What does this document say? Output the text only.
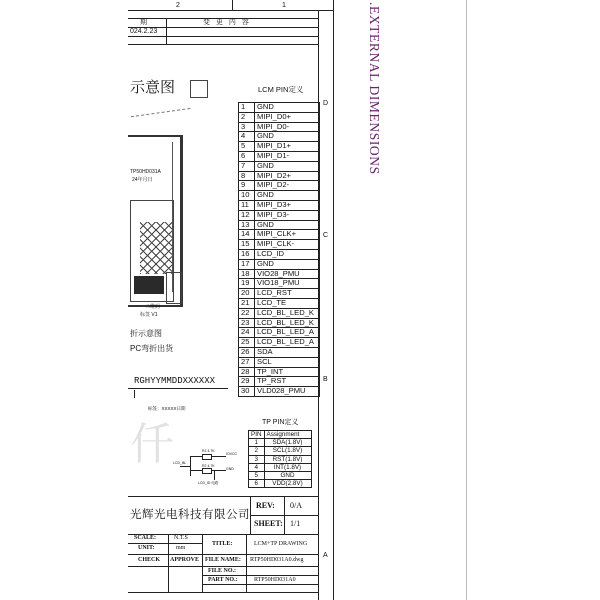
2	1
D
C
B
A
期	变 更 内 容
024.2.23	.EXTERNAL DIMENSIONS
示意图
TP50HD031A
24年月日
二维码
标签 V1
折示意图
PC弯折出货
RGHYYMMDDXXXXXX
标签：XXXXX日期
仟	R1 4.7K
IOVCC
R2 4.7K
LCD_BL
GND
LCD_ID 电路
LCM PIN定义
1	GND
2	MIPI_D0+
3	MIPI_D0-
4	GND
5	MIPI_D1+
6	MIPI_D1-
7	GND
8	MIPI_D2+
9	MIPI_D2-
10	GND
11	MIPI_D3+
12	MIPI_D3-
13	GND
14	MIPI_CLK+
15	MIPI_CLK-
16	LCD_ID
17	GND
18	VIO28_PMU
19	VIO18_PMU
20	LCD_RST
21	LCD_TE
22	LCD_BL_LED_K
23	LCD_BL_LED_K
24	LCD_BL_LED_A
25	LCD_BL_LED_A
26	SDA
27	SCL
28	TP_INT
29	TP_RST
30	VLD028_PMU
TP PIN定义
PIN	Assignment
1	SDA(1.8V)
2	SCL(1.8V)
3	RST(1.8V)
4	INT(1.8V)
5	GND
6	VDD(2.8V)
光辉光电科技有限公司
REV: 0/A
SHEET: 1/1
SCALE:	N.T.S
UNIT:	mm
CHECK APPROVE
TITLE:	LCM+TP DRAWING
FILE NAME: RTP50HD031A0.dwg
FILE NO.:
PART NO.:	RTP50HD031A0
